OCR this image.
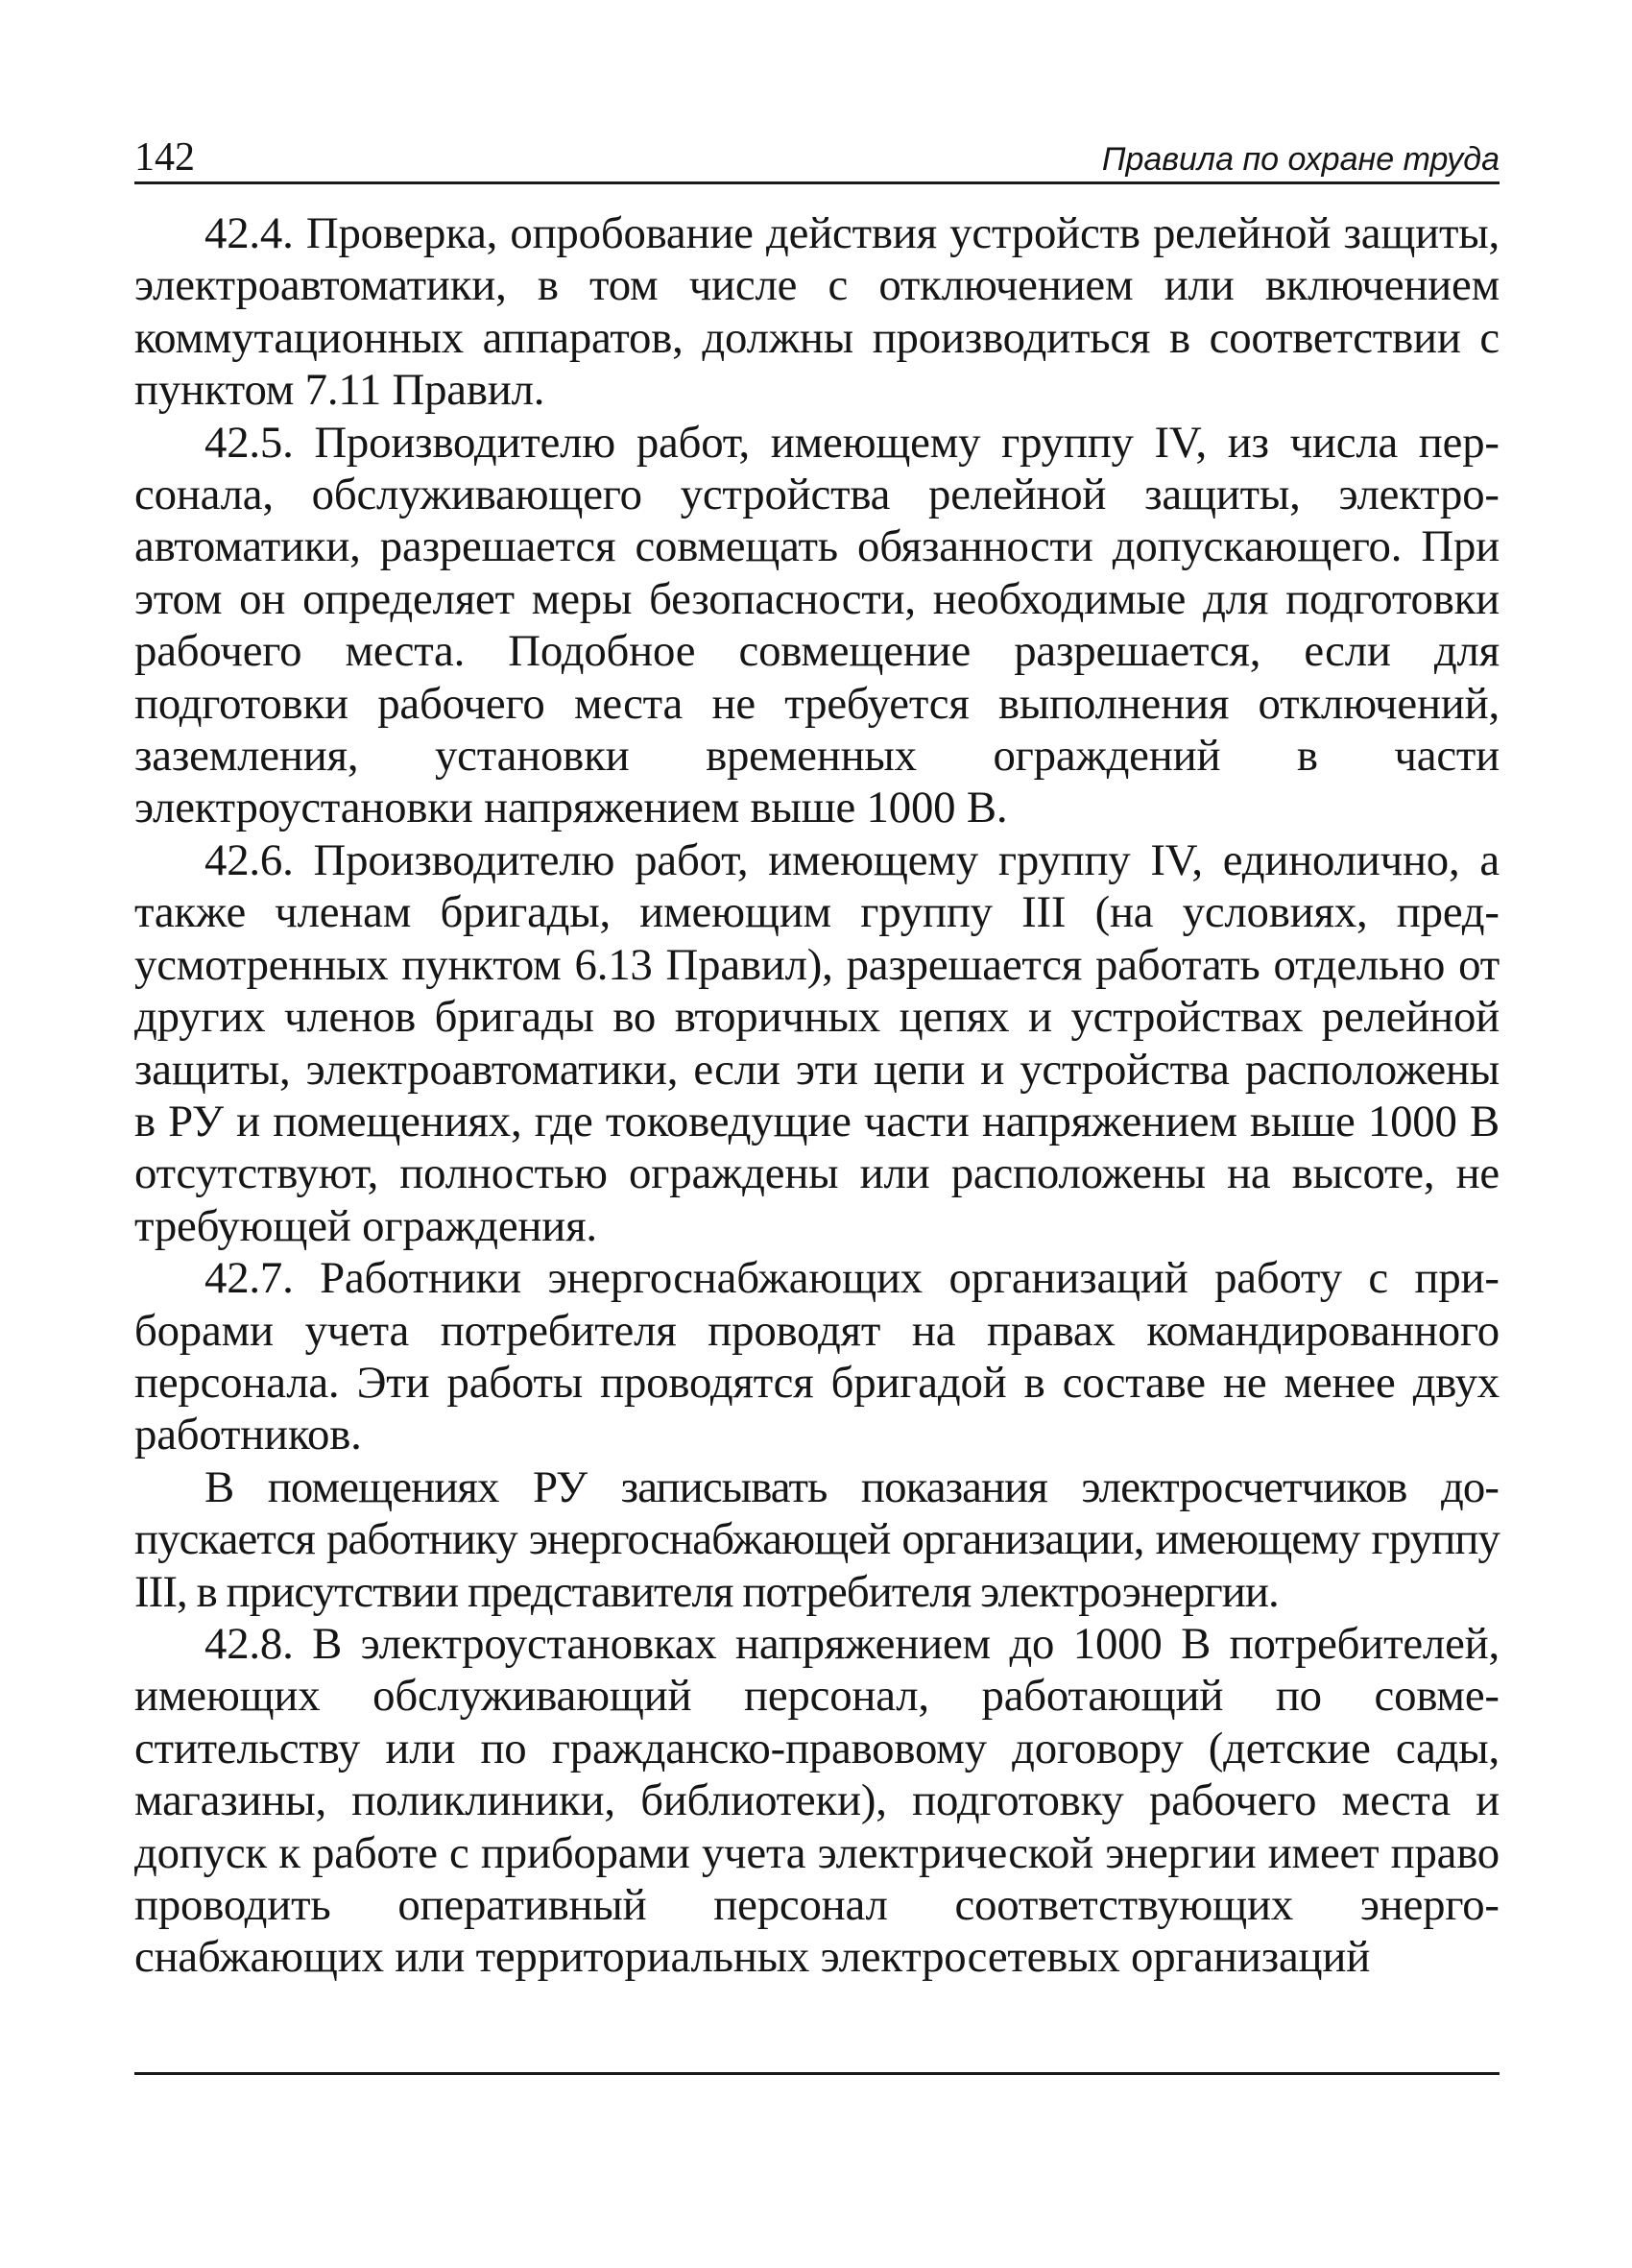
142	Правила по охране труда

42.4. Проверка, опробование действия устройств релейной защиты, электроавтоматики, в том числе с отключением или включением коммутационных аппаратов, должны производиться в соответствии с пунктом 7.11 Правил.

42.5. Производителю работ, имеющему группу IV, из числа персонала, обслуживающего устройства релейной защиты, электроавтоматики, разрешается совмещать обязанности допускающего. При этом он определяет меры безопасности, необходимые для подготовки рабочего места. Подобное совмещение разрешается, если для подготовки рабочего места не требуется выполнения отключений, заземления, установки временных ограждений в части электроустановки напряжением выше 1000 В.

42.6. Производителю работ, имеющему группу IV, единолично, а также членам бригады, имеющим группу III (на условиях, предусмотренных пунктом 6.13 Правил), разрешается работать отдельно от других членов бригады во вторичных цепях и устройствах релейной защиты, электроавтоматики, если эти цепи и устройства расположены в РУ и помещениях, где токоведущие части напряжением выше 1000 В отсутствуют, полностью ограждены или расположены на высоте, не требующей ограждения.

42.7. Работники энергоснабжающих организаций работу с приборами учета потребителя проводят на правах командированного персонала. Эти работы проводятся бригадой в составе не менее двух работников.

В помещениях РУ записывать показания электросчетчиков допускается работнику энергоснабжающей организации, имеющему группу III, в присутствии представителя потребителя электроэнергии.

42.8. В электроустановках напряжением до 1000 В потребителей, имеющих обслуживающий персонал, работающий по совместительству или по гражданско-правовому договору (детские сады, магазины, поликлиники, библиотеки), подготовку рабочего места и допуск к работе с приборами учета электрической энергии имеет право проводить оперативный персонал соответствующих энергоснабжающих или территориальных электросетевых организаций
